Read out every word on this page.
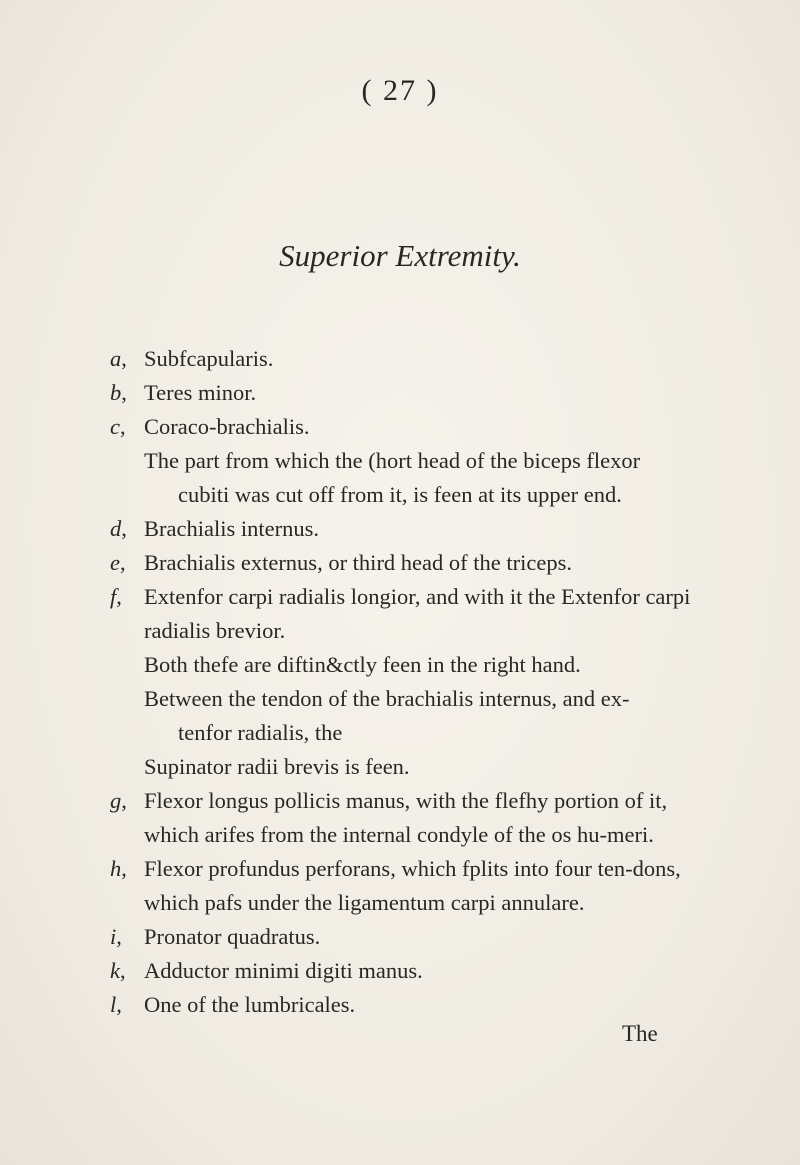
( 27 )
Superior Extremity.
a, Subfcapularis.
b, Teres minor.
c, Coraco-brachialis.
The part from which the (hort head of the biceps flexor
cubiti was cut off from it, is feen at its upper end.
d, Brachialis internus.
e, Brachialis externus, or third head of the triceps.
f, Extenfor carpi radialis longior, and with it the Extenfor carpi radialis brevior.
Both thefe are diftin&ctly feen in the right hand.
Between the tendon of the brachialis internus, and ex-
tenfor radialis, the
Supinator radii brevis is feen.
g, Flexor longus pollicis manus, with the flefhy portion of it, which arifes from the internal condyle of the os hu-meri.
h, Flexor profundus perforans, which fplits into four ten-dons, which pafs under the ligamentum carpi annulare.
i, Pronator quadratus.
k, Adductor minimi digiti manus.
l, One of the lumbricales.
The
